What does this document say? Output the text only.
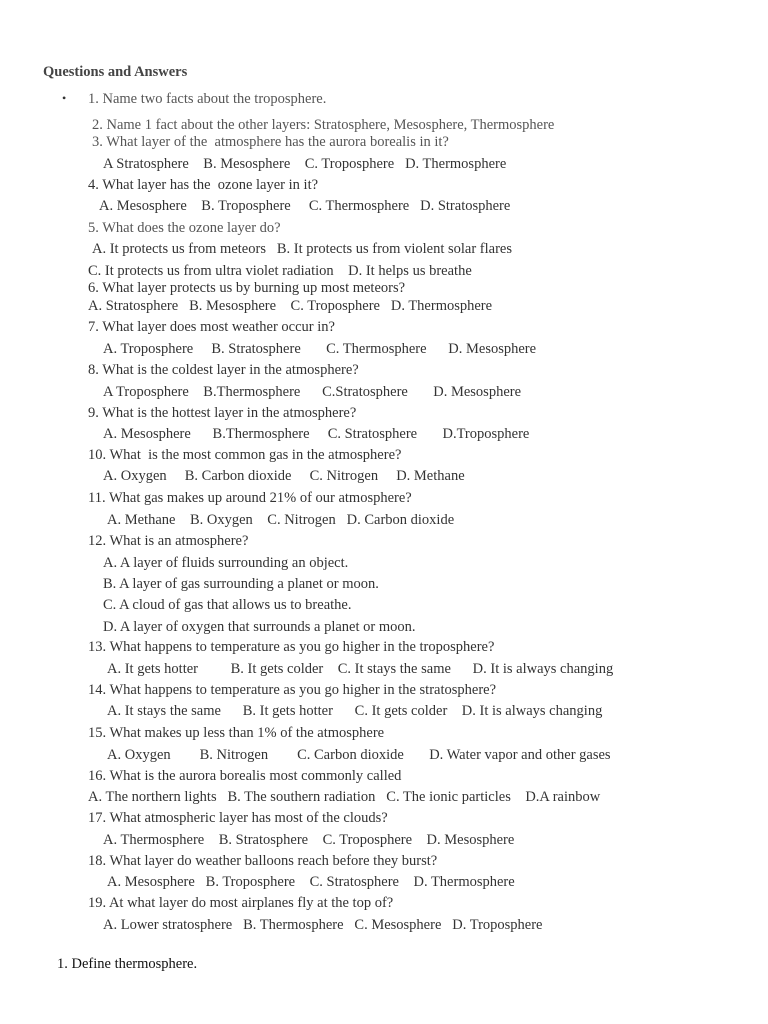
Questions and Answers
• 1. Name two facts about the troposphere.
2. Name 1 fact about the other layers: Stratosphere, Mesosphere, Thermosphere
3. What layer of the  atmosphere has the aurora borealis in it?
A Stratosphere    B. Mesosphere    C. Troposphere   D. Thermosphere
4. What layer has the  ozone layer in it?
A. Mesosphere    B. Troposphere     C. Thermosphere   D. Stratosphere
5. What does the ozone layer do?
A. It protects us from meteors   B. It protects us from violent solar flares
C. It protects us from ultra violet radiation    D. It helps us breathe
6. What layer protects us by burning up most meteors?
A. Stratosphere   B. Mesosphere    C. Troposphere   D. Thermosphere
7. What layer does most weather occur in?
A. Troposphere     B. Stratosphere       C. Thermosphere      D. Mesosphere
8. What is the coldest layer in the atmosphere?
A Troposphere    B.Thermosphere      C.Stratosphere       D. Mesosphere
9. What is the hottest layer in the atmosphere?
A. Mesosphere      B.Thermosphere     C. Stratosphere       D.Troposphere
10. What  is the most common gas in the atmosphere?
A. Oxygen     B. Carbon dioxide     C. Nitrogen     D. Methane
11. What gas makes up around 21% of our atmosphere?
A. Methane    B. Oxygen    C. Nitrogen   D. Carbon dioxide
12. What is an atmosphere?
A. A layer of fluids surrounding an object.
B. A layer of gas surrounding a planet or moon.
C. A cloud of gas that allows us to breathe.
D. A layer of oxygen that surrounds a planet or moon.
13. What happens to temperature as you go higher in the troposphere?
A. It gets hotter         B. It gets colder    C. It stays the same      D. It is always changing
14. What happens to temperature as you go higher in the stratosphere?
A. It stays the same      B. It gets hotter      C. It gets colder    D. It is always changing
15. What makes up less than 1% of the atmosphere
A. Oxygen        B. Nitrogen        C. Carbon dioxide       D. Water vapor and other gases
16. What is the aurora borealis most commonly called
A. The northern lights   B. The southern radiation   C. The ionic particles    D.A rainbow
17. What atmospheric layer has most of the clouds?
A. Thermosphere    B. Stratosphere    C. Troposphere    D. Mesosphere
18. What layer do weather balloons reach before they burst?
A. Mesosphere   B. Troposphere    C. Stratosphere    D. Thermosphere
19. At what layer do most airplanes fly at the top of?
A. Lower stratosphere   B. Thermosphere   C. Mesosphere   D. Troposphere
1. Define thermosphere.
